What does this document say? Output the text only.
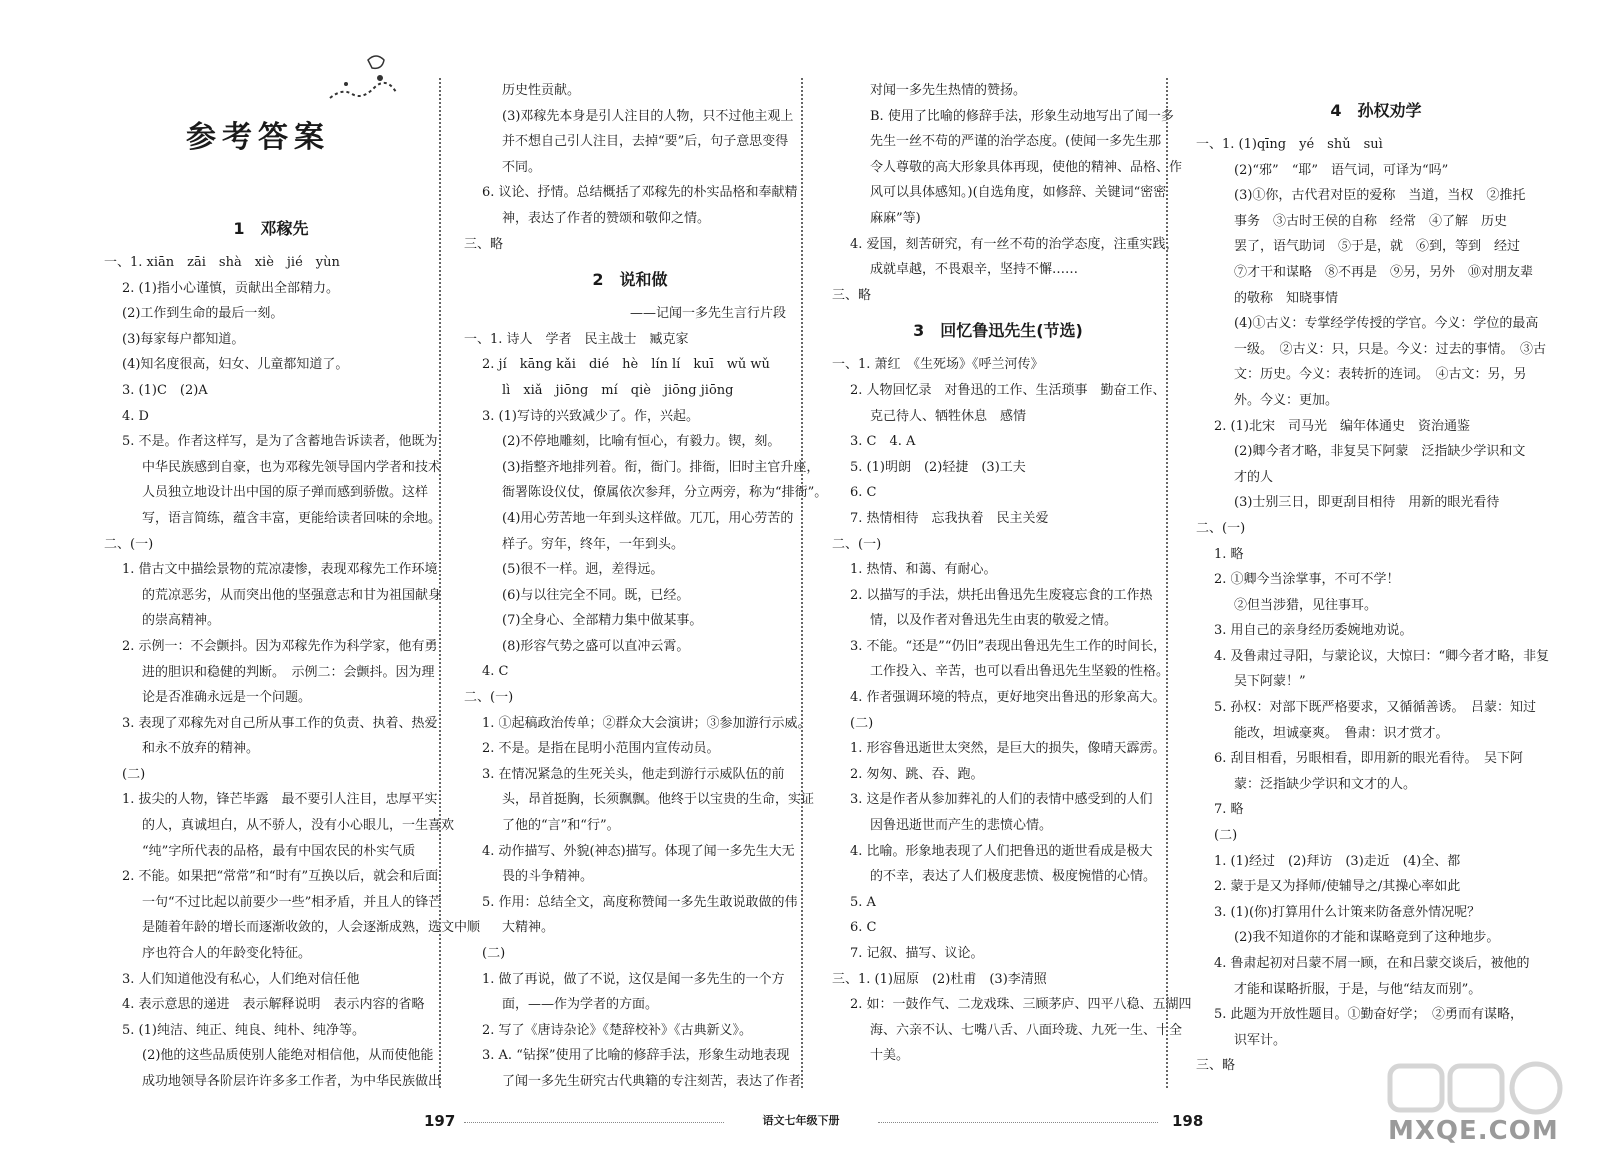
参考答案
1　邓稼先
一、1. xiān　zāi　shà　xiè　jié　yùn
2. (1)指小心谨慎，贡献出全部精力。
(2)工作到生命的最后一刻。
(3)每家每户都知道。
(4)知名度很高，妇女、儿童都知道了。
3. (1)C　(2)A
4. D
5. 不是。作者这样写，是为了含蓄地告诉读者，他既为
中华民族感到自豪，也为邓稼先领导国内学者和技术
人员独立地设计出中国的原子弹而感到骄傲。这样
写，语言简练，蕴含丰富，更能给读者回味的余地。
二、(一)
1. 借古文中描绘景物的荒凉凄惨，表现邓稼先工作环境
的荒凉恶劣，从而突出他的坚强意志和甘为祖国献身
的崇高精神。
2. 示例一：不会颤抖。因为邓稼先作为科学家，他有勇
进的胆识和稳健的判断。　示例二：会颤抖。因为理
论是否准确永远是一个问题。
3. 表现了邓稼先对自己所从事工作的负责、执着、热爱
和永不放弃的精神。
(二)
1. 拔尖的人物，锋芒毕露　最不要引人注目，忠厚平实
的人，真诚坦白，从不骄人，没有小心眼儿，一生喜欢
“纯”字所代表的品格，最有中国农民的朴实气质
2. 不能。如果把“常常”和“时有”互换以后，就会和后面
一句“不过比起以前要少一些”相矛盾，并且人的锋芒
是随着年龄的增长而逐渐收敛的，人会逐渐成熟，选文中顺
序也符合人的年龄变化特征。
3. 人们知道他没有私心，人们绝对信任他
4. 表示意思的递进　表示解释说明　表示内容的省略
5. (1)纯洁、纯正、纯良、纯朴、纯净等。
(2)他的这些品质使别人能绝对相信他，从而使他能
成功地领导各阶层许许多多工作者，为中华民族做出
历史性贡献。
(3)邓稼先本身是引人注目的人物，只不过他主观上
并不想自己引人注目，去掉“要”后，句子意思变得
不同。
6. 议论、抒情。总结概括了邓稼先的朴实品格和奉献精
神，表达了作者的赞颂和敬仰之情。
三、略
2　说和做
——记闻一多先生言行片段
一、1. 诗人　学者　民主战士　臧克家
2. jí　kāng kǎi　dié　hè　lín lí　kuī　wǔ wǔ
lì　xiǎ　jiōng　mí　qiè　jiōng jiōng
3. (1)写诗的兴致减少了。作，兴起。
(2)不停地雕刻，比喻有恒心，有毅力。锲，刻。
(3)指整齐地排列着。衔，衙门。排衙，旧时主官升座，
衙署陈设仪仗，僚属依次参拜，分立两旁，称为“排衙”。
(4)用心劳苦地一年到头这样做。兀兀，用心劳苦的
样子。穷年，终年，一年到头。
(5)很不一样。迥，差得远。
(6)与以往完全不同。既，已经。
(7)全身心、全部精力集中做某事。
(8)形容气势之盛可以直冲云霄。
4. C
二、(一)
1. ①起稿政治传单；②群众大会演讲；③参加游行示威。
2. 不是。是指在昆明小范围内宣传动员。
3. 在情况紧急的生死关头，他走到游行示威队伍的前
头，昂首挺胸，长须飘飘。他终于以宝贵的生命，实证
了他的“言”和“行”。
4. 动作描写、外貌(神态)描写。体现了闻一多先生大无
畏的斗争精神。
5. 作用：总结全文，高度称赞闻一多先生敢说敢做的伟
大精神。
(二)
1. 做了再说，做了不说，这仅是闻一多先生的一个方
面，——作为学者的方面。
2. 写了《唐诗杂论》《楚辞校补》《古典新义》。
3. A. “钻探”使用了比喻的修辞手法，形象生动地表现
了闻一多先生研究古代典籍的专注刻苦，表达了作者
对闻一多先生热情的赞扬。
B. 使用了比喻的修辞手法，形象生动地写出了闻一多
先生一丝不苟的严谨的治学态度。(使闻一多先生那
令人尊敬的高大形象具体再现，使他的精神、品格、作
风可以具体感知。)(自选角度，如修辞、关键词“密密
麻麻”等)
4. 爱国，刻苦研究，有一丝不苟的治学态度，注重实践，
成就卓越，不畏艰辛，坚持不懈……
三、略
3　回忆鲁迅先生(节选)
一、1. 萧红　《生死场》《呼兰河传》
2. 人物回忆录　对鲁迅的工作、生活琐事　勤奋工作、
克己待人、牺牲休息　感情
3. C　4. A
5. (1)明朗　(2)轻捷　(3)工夫
6. C
7. 热情相待　忘我执着　民主关爱
二、(一)
1. 热情、和蔼、有耐心。
2. 以描写的手法，烘托出鲁迅先生废寝忘食的工作热
情，以及作者对鲁迅先生由衷的敬爱之情。
3. 不能。“还是”“仍旧”表现出鲁迅先生工作的时间长，
工作投入、辛苦，也可以看出鲁迅先生坚毅的性格。
4. 作者强调环境的特点，更好地突出鲁迅的形象高大。
(二)
1. 形容鲁迅逝世太突然，是巨大的损失，像晴天霹雳。
2. 匆匆、跳、吞、跑。
3. 这是作者从参加葬礼的人们的表情中感受到的人们
因鲁迅逝世而产生的悲愤心情。
4. 比喻。形象地表现了人们把鲁迅的逝世看成是极大
的不幸，表达了人们极度悲愤、极度惋惜的心情。
5. A
6. C
7. 记叙、描写、议论。
三、1. (1)屈原　(2)杜甫　(3)李清照
2. 如：一鼓作气、二龙戏珠、三顾茅庐、四平八稳、五湖四
海、六亲不认、七嘴八舌、八面玲珑、九死一生、十全
十美。
4　孙权劝学
一、1. (1)qīng　yé　shǔ　suì
(2)“邪”　“耶”　语气词，可译为“吗”
(3)①你，古代君对臣的爱称　当道，当权　②推托
事务　③古时王侯的自称　经常　④了解　历史
罢了，语气助词　⑤于是，就　⑥到，等到　经过
⑦才干和谋略　⑧不再是　⑨另，另外　⑩对朋友辈
的敬称　知晓事情
(4)①古义：专掌经学传授的学官。今义：学位的最高
一级。　②古义：只，只是。今义：过去的事情。　③古
文：历史。今义：表转折的连词。　④古文：另，另
外。今义：更加。
2. (1)北宋　司马光　编年体通史　资治通鉴
(2)卿今者才略，非复吴下阿蒙　泛指缺少学识和文
才的人
(3)士别三日，即更刮目相待　用新的眼光看待
二、(一)
1. 略
2. ①卿今当涂掌事，不可不学！
②但当涉猎，见往事耳。
3. 用自己的亲身经历委婉地劝说。
4. 及鲁肃过寻阳，与蒙论议，大惊曰：“卿今者才略，非复
吴下阿蒙！”
5. 孙权：对部下既严格要求，又循循善诱。　吕蒙：知过
能改，坦诚豪爽。　鲁肃：识才赏才。
6. 刮目相看，另眼相看，即用新的眼光看待。　吴下阿
蒙：泛指缺少学识和文才的人。
7. 略
(二)
1. (1)经过　(2)拜访　(3)走近　(4)全、都
2. 蒙于是又为择师/使辅导之/其操心率如此
3. (1)(你)打算用什么计策来防备意外情况呢？
(2)我不知道你的才能和谋略竟到了这种地步。
4. 鲁肃起初对吕蒙不屑一顾，在和吕蒙交谈后，被他的
才能和谋略折服，于是，与他“结友而别”。
5. 此题为开放性题目。①勤奋好学；　②勇而有谋略，
识军计。
三、略
197	语文七年级下册	198	MXQE.COM
